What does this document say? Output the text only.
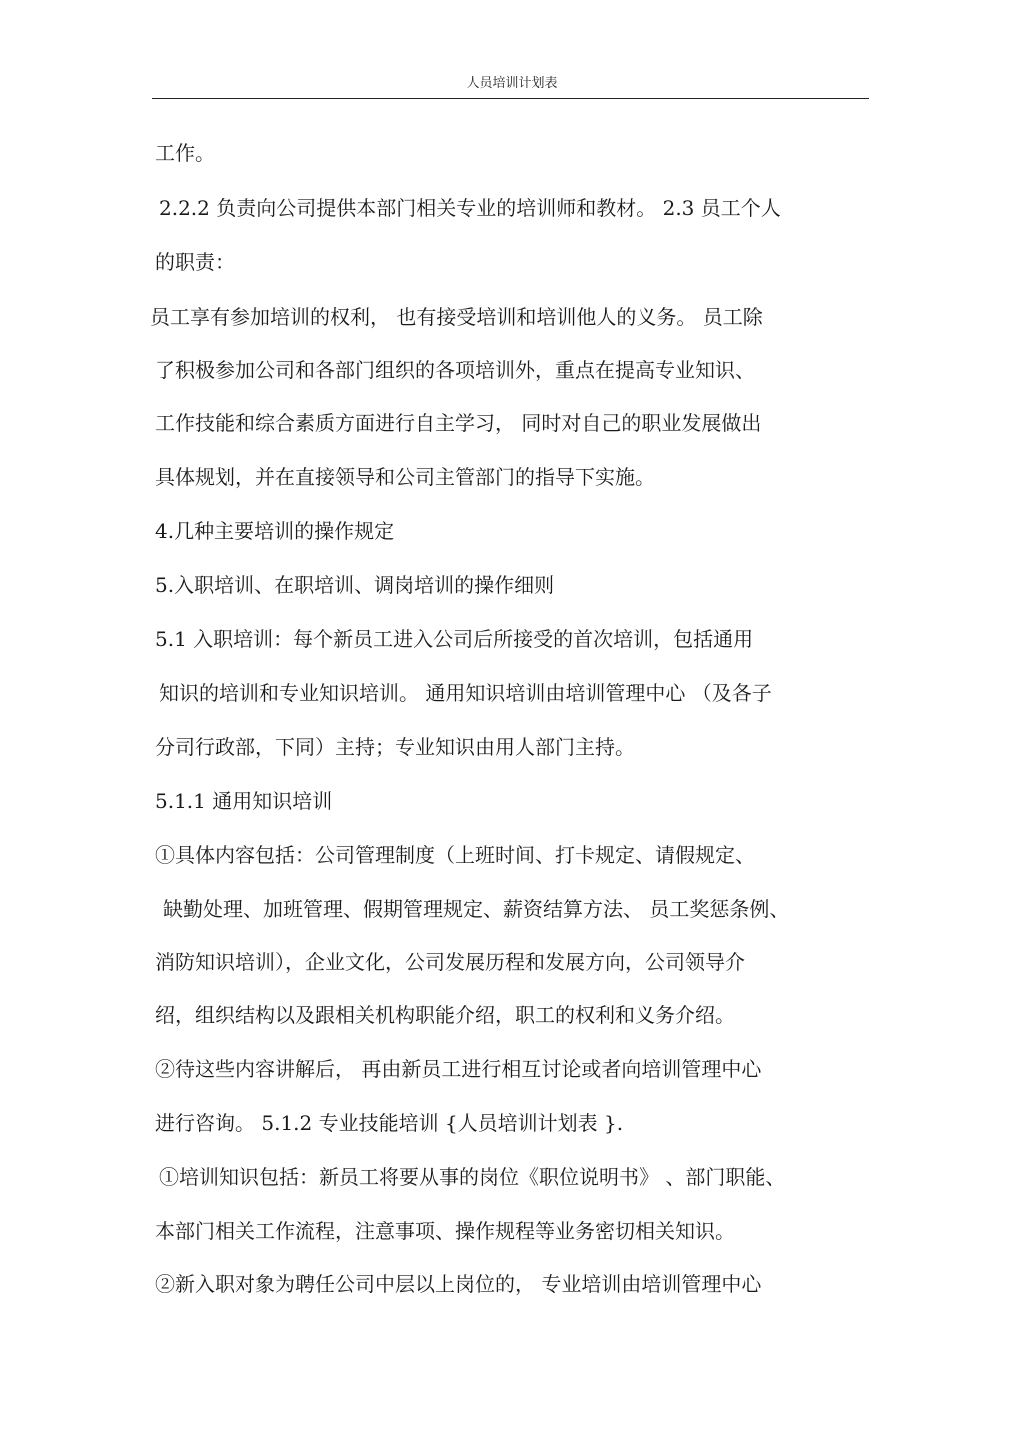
人员培训计划表
工作。
2.2.2 负责向公司提供本部门相关专业的培训师和教材。 2.3 员工个人
的职责：
员工享有参加培训的权利， 也有接受培训和培训他人的义务。 员工除
了积极参加公司和各部门组织的各项培训外，重点在提高专业知识、
工作技能和综合素质方面进行自主学习， 同时对自己的职业发展做出
具体规划，并在直接领导和公司主管部门的指导下实施。
4.几种主要培训的操作规定
5.入职培训、在职培训、调岗培训的操作细则
5.1 入职培训：每个新员工进入公司后所接受的首次培训，包括通用
知识的培训和专业知识培训。 通用知识培训由培训管理中心 （及各子
分司行政部，下同）主持；专业知识由用人部门主持。
5.1.1 通用知识培训
①具体内容包括：公司管理制度（上班时间、打卡规定、请假规定、
缺勤处理、加班管理、假期管理规定、薪资结算方法、 员工奖惩条例、
消防知识培训），企业文化，公司发展历程和发展方向，公司领导介
绍，组织结构以及跟相关机构职能介绍，职工的权利和义务介绍。
②待这些内容讲解后， 再由新员工进行相互讨论或者向培训管理中心
进行咨询。 5.1.2 专业技能培训 {人员培训计划表 }.
①培训知识包括：新员工将要从事的岗位《职位说明书》 、部门职能、
本部门相关工作流程，注意事项、操作规程等业务密切相关知识。
②新入职对象为聘任公司中层以上岗位的， 专业培训由培训管理中心
